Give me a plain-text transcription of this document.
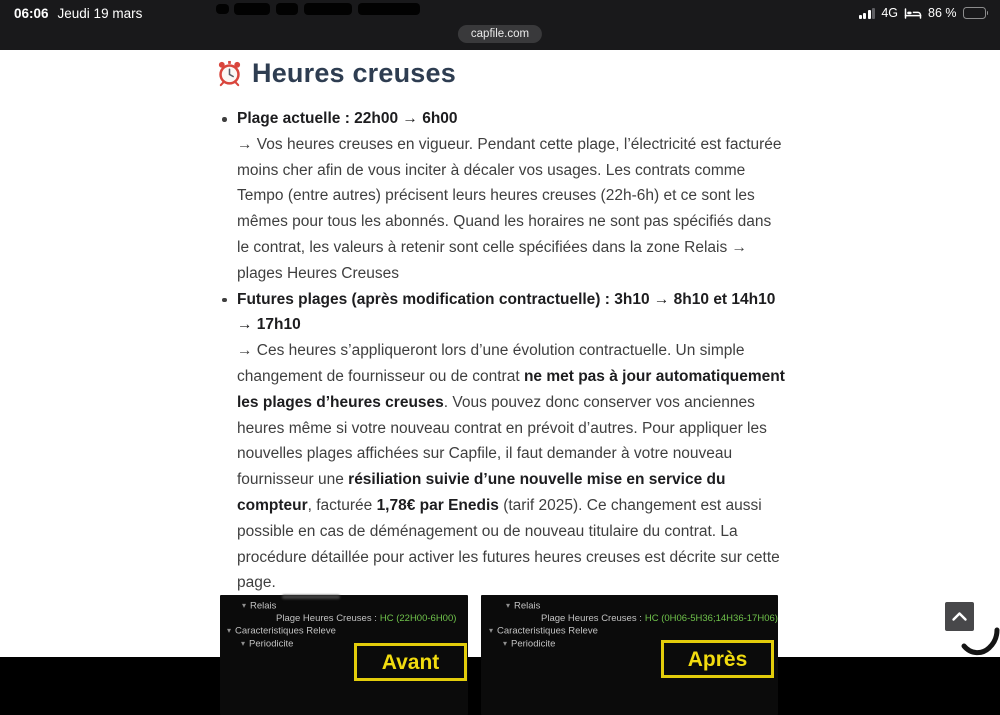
06:06 Jeudi 19 mars	4G 86 %
capfile.com
Heures creuses
Plage actuelle : 22h00 → 6h00
→ Vos heures creuses en vigueur. Pendant cette plage, l’électricité est facturée moins cher afin de vous inciter à décaler vos usages. Les contrats comme Tempo (entre autres) précisent leurs heures creuses (22h-6h) et ce sont les mêmes pour tous les abonnés. Quand les horaires ne sont pas spécifiés dans le contrat, les valeurs à retenir sont celle spécifiées dans la zone Relais → plages Heures Creuses
Futures plages (après modification contractuelle) : 3h10 → 8h10 et 14h10 → 17h10
→ Ces heures s’appliqueront lors d’une évolution contractuelle. Un simple changement de fournisseur ou de contrat ne met pas à jour automatiquement les plages d’heures creuses. Vous pouvez donc conserver vos anciennes heures même si votre nouveau contrat en prévoit d’autres. Pour appliquer les nouvelles plages affichées sur Capfile, il faut demander à votre nouveau fournisseur une résiliation suivie d’une nouvelle mise en service du compteur, facturée 1,78€ par Enedis (tarif 2025). Ce changement est aussi possible en cas de déménagement ou de nouveau titulaire du contrat. La procédure détaillée pour activer les futures heures creuses est décrite sur cette page.
▾ Relais
Plage Heures Creuses : HC (22H00-6H00)
▾ Caracteristiques Releve
▾ Periodicite
Avant
▾ Relais
Plage Heures Creuses : HC (0H06-5H36;14H36-17H06)
▾ Caracteristiques Releve
▾ Periodicite
Après
